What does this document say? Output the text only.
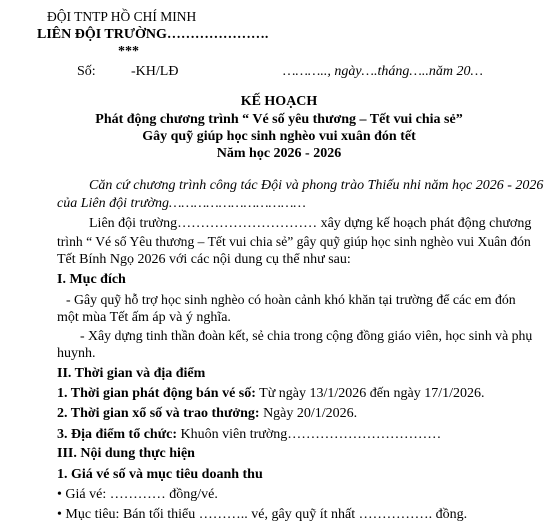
ĐỘI TNTP HỒ CHÍ MINH
LIÊN ĐỘI TRƯỜNG………………….
***
Số:	-KH/LĐ	……….., ngày….tháng…..năm 20…
KẾ HOẠCH
Phát động chương trình “ Vé số yêu thương – Tết vui chia sẻ”
Gây quỹ giúp học sinh nghèo vui xuân đón tết
Năm học 2026 - 2026
Căn cứ chương trình công tác Đội và phong trào Thiếu nhi năm học 2026 - 2026
của Liên đội trường……………………………
Liên đội trường………………………… xây dựng kế hoạch phát động chương
trình “ Vé số Yêu thương – Tết vui chia sẻ” gây quỹ giúp học sinh nghèo vui Xuân đón
Tết Bính Ngọ 2026 với các nội dung cụ thể như sau:
I. Mục đích
- Gây quỹ hỗ trợ học sinh nghèo có hoàn cảnh khó khăn tại trường để các em đón
một mùa Tết ấm áp và ý nghĩa.
- Xây dựng tinh thần đoàn kết, sẻ chia trong cộng đồng giáo viên, học sinh và phụ
huynh.
II. Thời gian và địa điểm
1. Thời gian phát động bán vé số: Từ ngày 13/1/2026 đến ngày 17/1/2026.
2. Thời gian xổ số và trao thưởng: Ngày 20/1/2026.
3. Địa điểm tổ chức: Khuôn viên trường……………………………
III. Nội dung thực hiện
1. Giá vé số và mục tiêu doanh thu
• Giá vé: ………… đồng/vé.
• Mục tiêu: Bán tối thiểu ……….. vé, gây quỹ ít nhất ……………. đồng.
